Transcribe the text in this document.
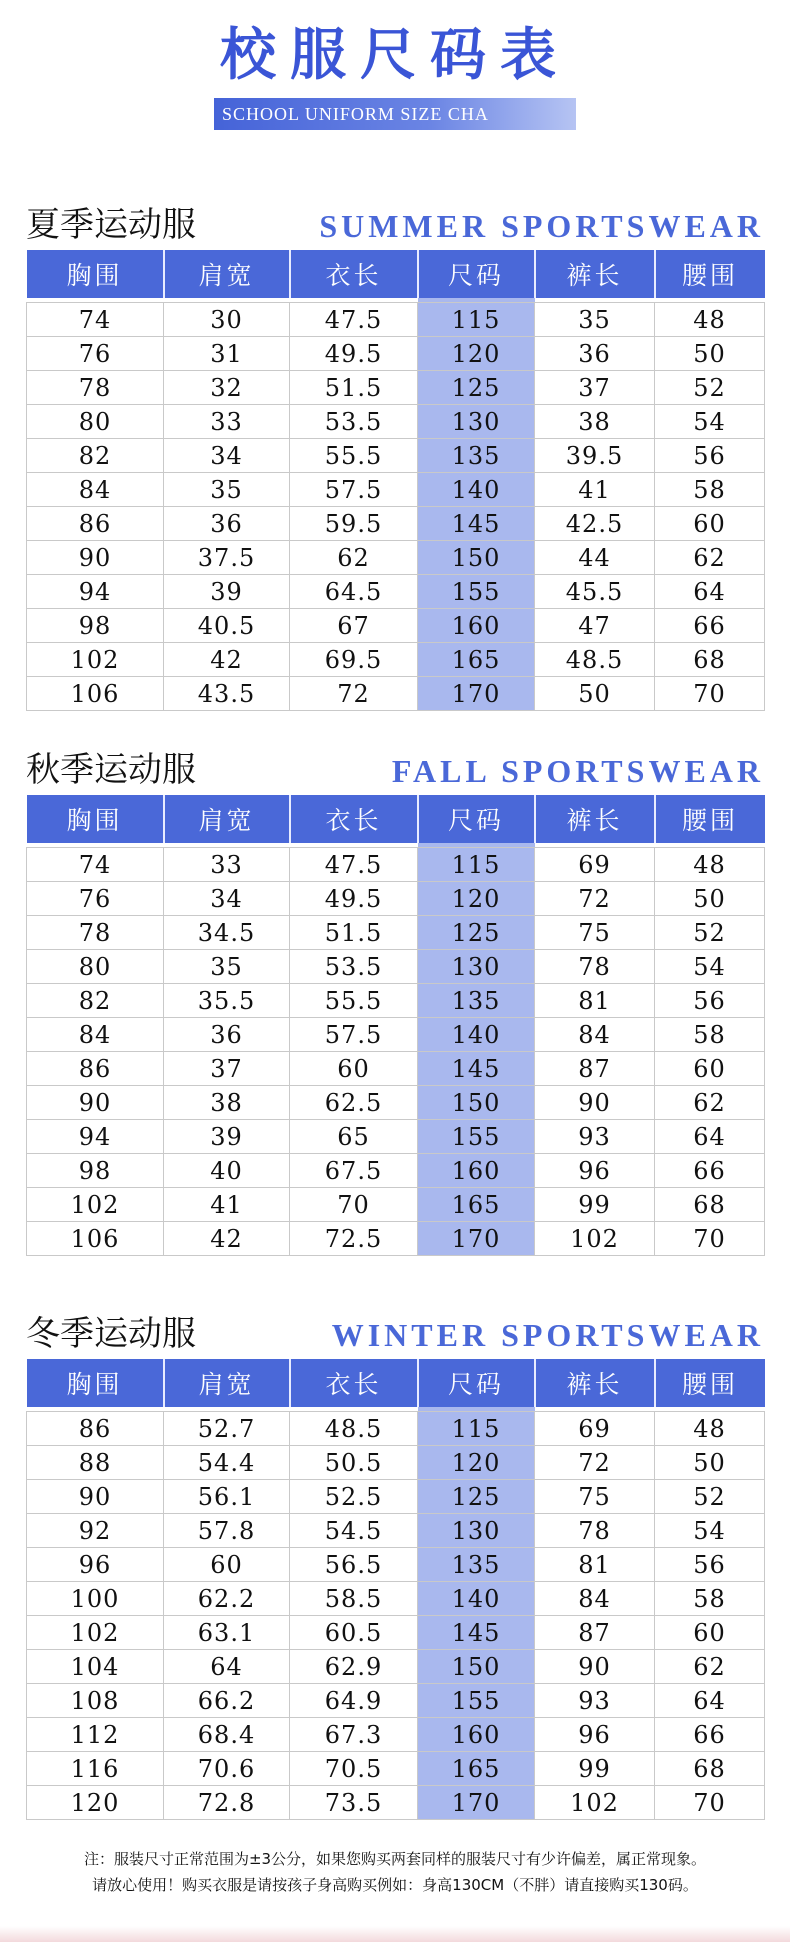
校服尺码表
SCHOOL UNIFORM SIZE CHA
夏季运动服	SUMMER SPORTSWEAR
胸围	肩宽	衣长	尺码	裤长	腰围

74	30	47.5	115	35	48
76	31	49.5	120	36	50
78	32	51.5	125	37	52
80	33	53.5	130	38	54
82	34	55.5	135	39.5	56
84	35	57.5	140	41	58
86	36	59.5	145	42.5	60
90	37.5	62	150	44	62
94	39	64.5	155	45.5	64
98	40.5	67	160	47	66
102	42	69.5	165	48.5	68
106	43.5	72	170	50	70
秋季运动服	FALL SPORTSWEAR
胸围	肩宽	衣长	尺码	裤长	腰围

74	33	47.5	115	69	48
76	34	49.5	120	72	50
78	34.5	51.5	125	75	52
80	35	53.5	130	78	54
82	35.5	55.5	135	81	56
84	36	57.5	140	84	58
86	37	60	145	87	60
90	38	62.5	150	90	62
94	39	65	155	93	64
98	40	67.5	160	96	66
102	41	70	165	99	68
106	42	72.5	170	102	70
冬季运动服	WINTER SPORTSWEAR
胸围	肩宽	衣长	尺码	裤长	腰围

86	52.7	48.5	115	69	48
88	54.4	50.5	120	72	50
90	56.1	52.5	125	75	52
92	57.8	54.5	130	78	54
96	60	56.5	135	81	56
100	62.2	58.5	140	84	58
102	63.1	60.5	145	87	60
104	64	62.9	150	90	62
108	66.2	64.9	155	93	64
112	68.4	67.3	160	96	66
116	70.6	70.5	165	99	68
120	72.8	73.5	170	102	70
注：服装尺寸正常范围为±3公分，如果您购买两套同样的服装尺寸有少许偏差，属正常现象。
请放心使用！购买衣服是请按孩子身高购买例如：身高130CM（不胖）请直接购买130码。
